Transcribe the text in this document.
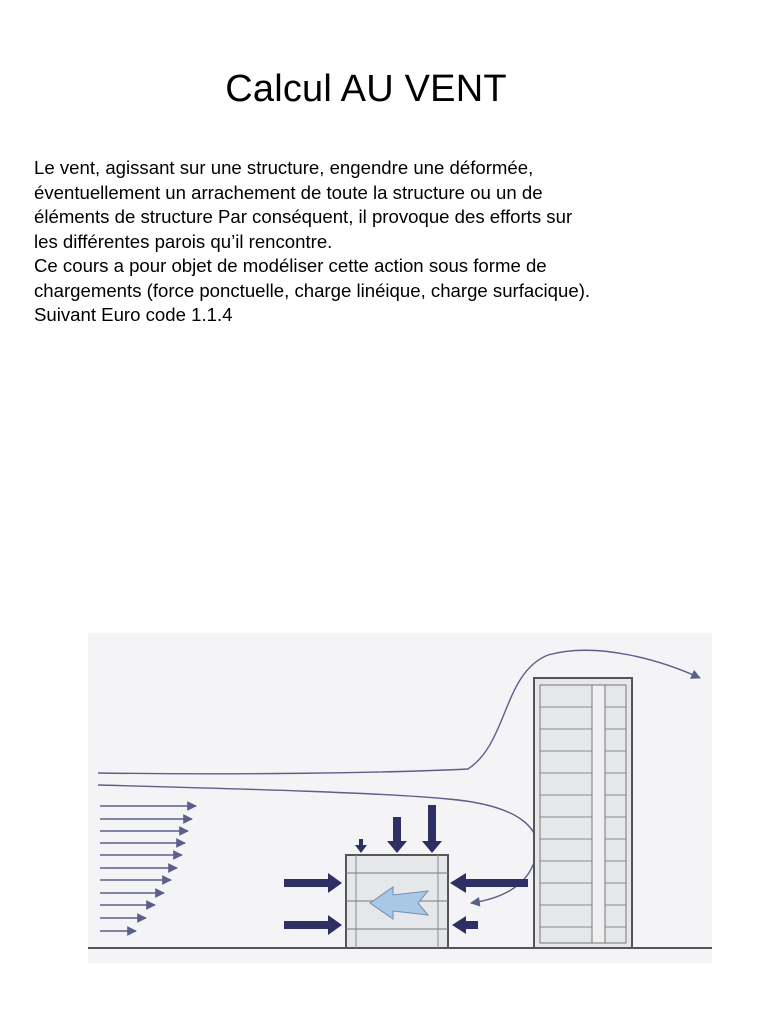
Calcul AU VENT

Le vent, agissant sur une structure, engendre une déformée,

éventuellement un arrachement de toute la structure ou un de

éléments de structure Par conséquent, il provoque des efforts sur

les différentes parois qu’il rencontre.

Ce cours a pour objet de modéliser cette action sous forme de

chargements (force ponctuelle, charge linéique, charge surfacique).

Suivant Euro code 1.1.4
